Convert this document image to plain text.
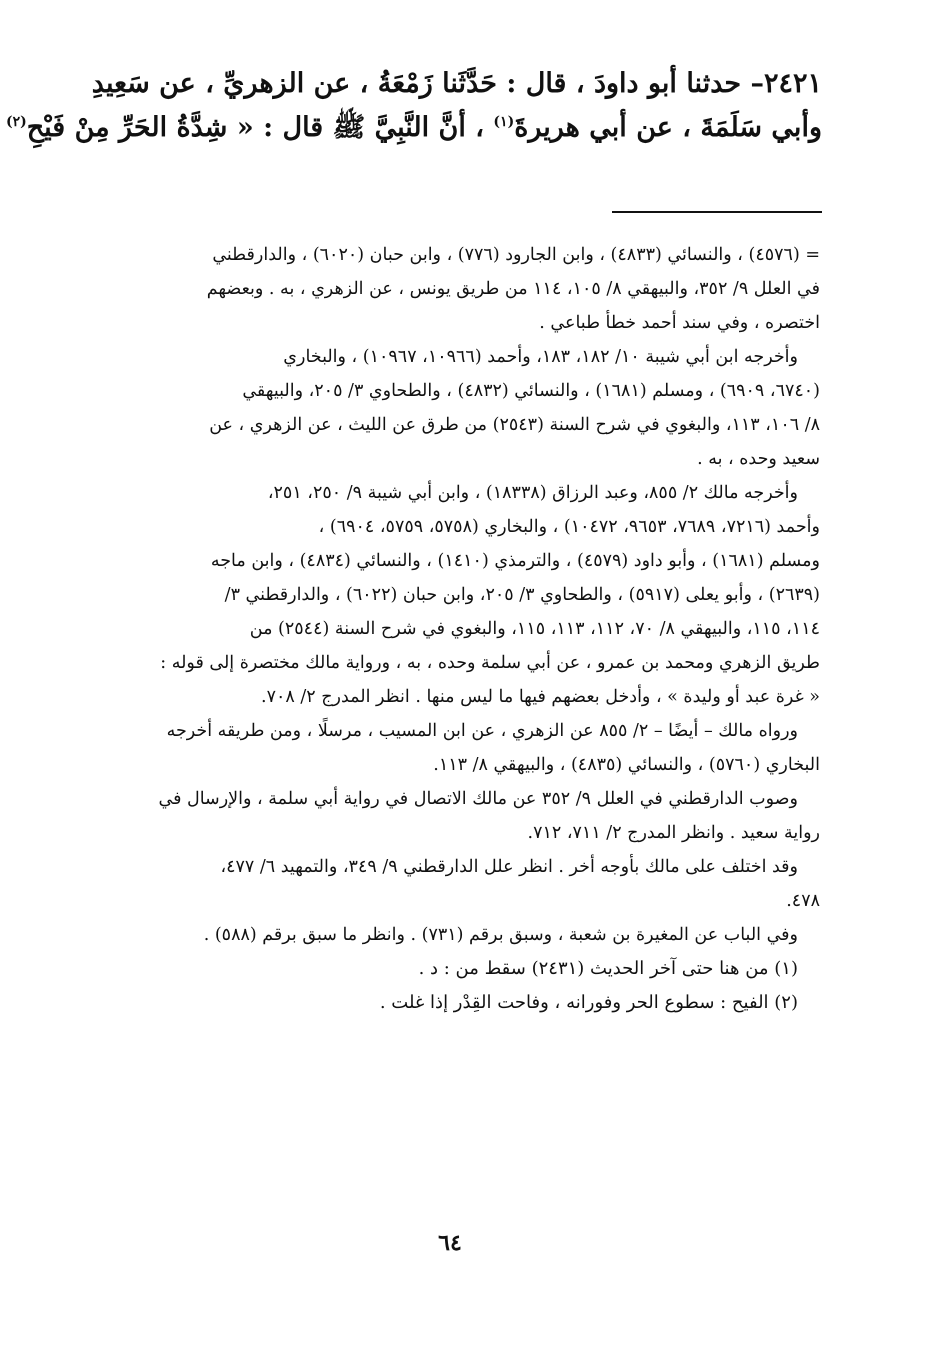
٢٤٢١– حدثنا أبو داودَ ، قال : حَدَّثَنا زَمْعَةُ ، عن الزهريِّ ، عن سَعِيدِ
وأبي سَلَمَةَ ، عن أبي هريرةَ$^{(١)}$ ، أنَّ النَّبِيَّ ﷺ قال : « شِدَّةُ الحَرِّ مِنْ فَيْحِ$^{(٢)}$
= (٤٥٧٦) ، والنسائي (٤٨٣٣) ، وابن الجارود (٧٧٦) ، وابن حبان (٦٠٢٠) ، والدارقطني
في العلل ٩/ ٣٥٢، والبيهقي ٨/ ١٠٥، ١١٤ من طريق يونس ، عن الزهري ، به . وبعضهم
اختصره ، وفي سند أحمد خطأ طباعي .
وأخرجه ابن أبي شيبة ١٠/ ١٨٢، ١٨٣، وأحمد (١٠٩٦٦، ١٠٩٦٧) ، والبخاري
(٦٧٤٠، ٦٩٠٩) ، ومسلم (١٦٨١) ، والنسائي (٤٨٣٢) ، والطحاوي ٣/ ٢٠٥، والبيهقي
٨/ ١٠٦، ١١٣، والبغوي في شرح السنة (٢٥٤٣) من طرق عن الليث ، عن الزهري ، عن
سعيد وحده ، به .
وأخرجه مالك ٢/ ٨٥٥، وعبد الرزاق (١٨٣٣٨) ، وابن أبي شيبة ٩/ ٢٥٠، ٢٥١،
وأحمد (٧٢١٦، ٧٦٨٩، ٩٦٥٣، ١٠٤٧٢) ، والبخاري (٥٧٥٨، ٥٧٥٩، ٦٩٠٤) ،
ومسلم (١٦٨١) ، وأبو داود (٤٥٧٩) ، والترمذي (١٤١٠) ، والنسائي (٤٨٣٤) ، وابن ماجه
(٢٦٣٩) ، وأبو يعلى (٥٩١٧) ، والطحاوي ٣/ ٢٠٥، وابن حبان (٦٠٢٢) ، والدارقطني ٣/
١١٤، ١١٥، والبيهقي ٨/ ٧٠، ١١٢، ١١٣، ١١٥، والبغوي في شرح السنة (٢٥٤٤) من
طريق الزهري ومحمد بن عمرو ، عن أبي سلمة وحده ، به ، ورواية مالك مختصرة إلى قوله :
« غرة عبد أو وليدة » ، وأدخل بعضهم فيها ما ليس منها . انظر المدرج ٢/ ٧٠٨.
ورواه مالك – أيضًا – ٢/ ٨٥٥ عن الزهري ، عن ابن المسيب ، مرسلًا ، ومن طريقه أخرجه
البخاري (٥٧٦٠) ، والنسائي (٤٨٣٥) ، والبيهقي ٨/ ١١٣.
وصوب الدارقطني في العلل ٩/ ٣٥٢ عن مالك الاتصال في رواية أبي سلمة ، والإرسال في
رواية سعيد . وانظر المدرج ٢/ ٧١١، ٧١٢.
وقد اختلف على مالك بأوجه أخر . انظر علل الدارقطني ٩/ ٣٤٩، والتمهيد ٦/ ٤٧٧،
٤٧٨.
وفي الباب عن المغيرة بن شعبة ، وسبق برقم (٧٣١) . وانظر ما سبق برقم (٥٨٨) .
(١) من هنا حتى آخر الحديث (٢٤٣١) سقط من : د .
(٢) الفيح : سطوع الحر وفورانه ، وفاحت القِدْر إذا غلت .
٦٤
